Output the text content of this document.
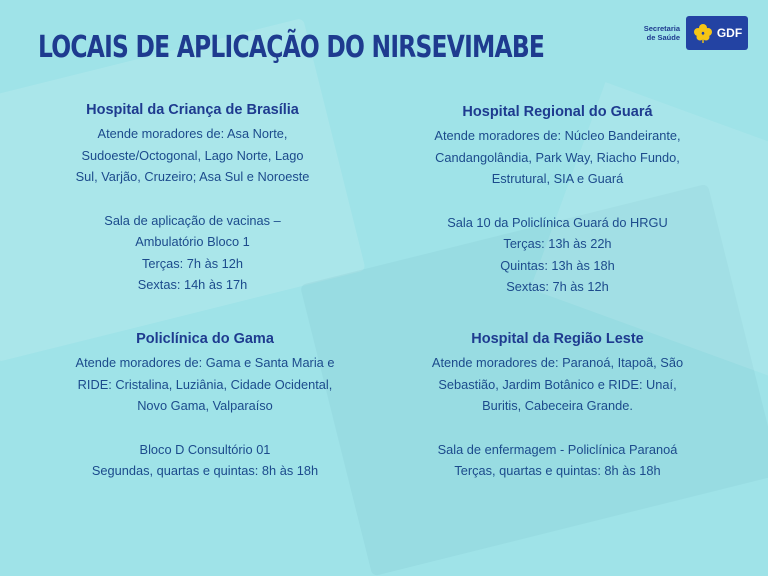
LOCAIS DE APLICAÇÃO DO NIRSEVIMABE
Secretaria
de Saúde	GDF
Hospital da Criança de Brasília

Atende moradores de: Asa Norte,

Sudoeste/Octogonal, Lago Norte, Lago

Sul, Varjão, Cruzeiro; Asa Sul e Noroeste

Sala de aplicação de vacinas –

Ambulatório Bloco 1

Terças: 7h às 12h

Sextas: 14h às 17h

Hospital Regional do Guará

Atende moradores de: Núcleo Bandeirante,

Candangolândia, Park Way, Riacho Fundo,

Estrutural, SIA e Guará

Sala 10 da Policlínica Guará do HRGU

Terças: 13h às 22h

Quintas: 13h às 18h

Sextas: 7h às 12h

Policlínica do Gama

Atende moradores de: Gama e Santa Maria e

RIDE: Cristalina, Luziânia, Cidade Ocidental,

Novo Gama, Valparaíso

Bloco D Consultório 01

Segundas, quartas e quintas: 8h às 18h

Hospital da Região Leste

Atende moradores de: Paranoá, Itapoã, São

Sebastião, Jardim Botânico e RIDE: Unaí,

Buritis, Cabeceira Grande.

Sala de enfermagem - Policlínica Paranoá

Terças, quartas e quintas: 8h às 18h
